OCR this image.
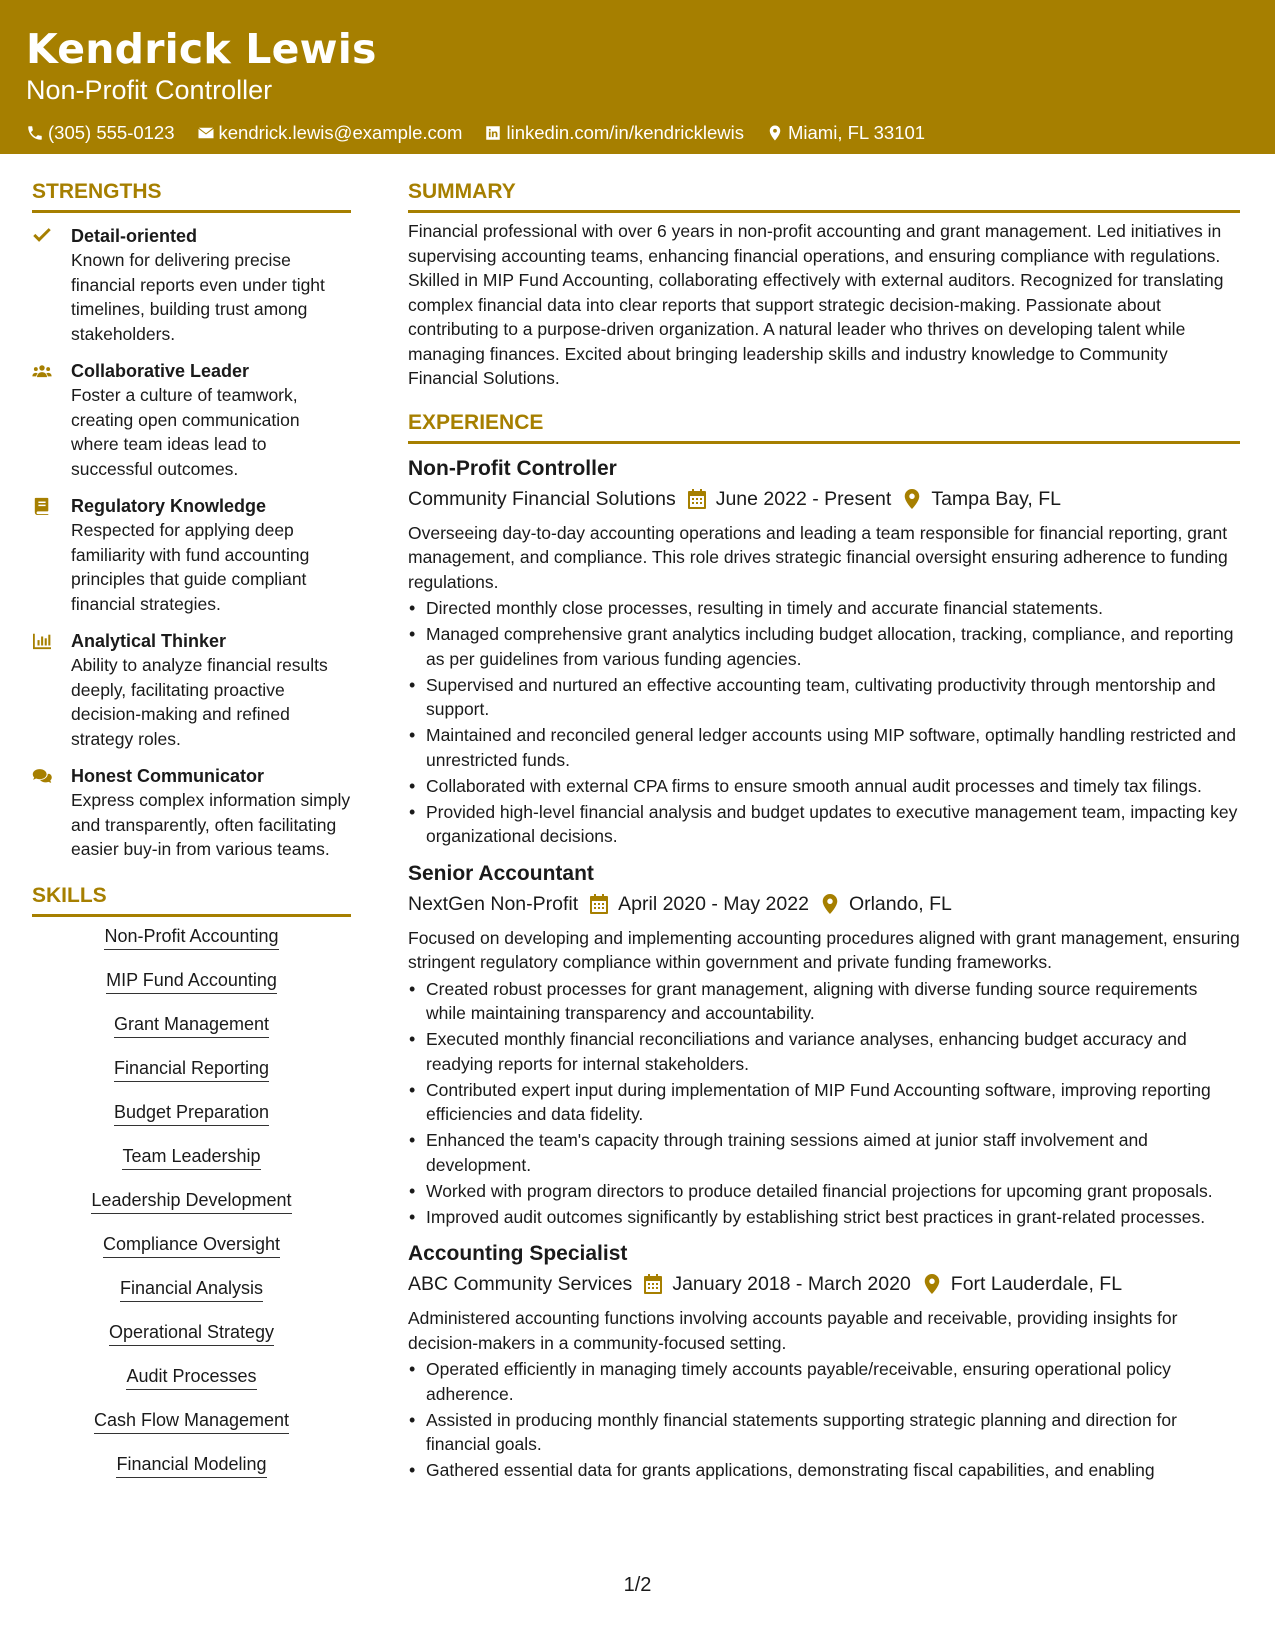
Kendrick Lewis
Non-Profit Controller
(305) 555-0123 kendrick.lewis@example.com linkedin.com/in/kendricklewis Miami, FL 33101
STRENGTHS
Detail-oriented
Known for delivering precise financial reports even under tight timelines, building trust among stakeholders.
Collaborative Leader
Foster a culture of teamwork, creating open communication where team ideas lead to successful outcomes.
Regulatory Knowledge
Respected for applying deep familiarity with fund accounting principles that guide compliant financial strategies.
Analytical Thinker
Ability to analyze financial results deeply, facilitating proactive decision-making and refined strategy roles.
Honest Communicator
Express complex information simply and transparently, often facilitating easier buy-in from various teams.
SKILLS
Non-Profit Accounting
MIP Fund Accounting
Grant Management
Financial Reporting
Budget Preparation
Team Leadership
Leadership Development
Compliance Oversight
Financial Analysis
Operational Strategy
Audit Processes
Cash Flow Management
Financial Modeling
SUMMARY
Financial professional with over 6 years in non-profit accounting and grant management. Led initiatives in supervising accounting teams, enhancing financial operations, and ensuring compliance with regulations. Skilled in MIP Fund Accounting, collaborating effectively with external auditors. Recognized for translating complex financial data into clear reports that support strategic decision-making. Passionate about contributing to a purpose-driven organization. A natural leader who thrives on developing talent while managing finances. Excited about bringing leadership skills and industry knowledge to Community Financial Solutions.
EXPERIENCE
Non-Profit Controller
Community Financial Solutions June 2022 - Present Tampa Bay, FL
Overseeing day-to-day accounting operations and leading a team responsible for financial reporting, grant management, and compliance. This role drives strategic financial oversight ensuring adherence to funding regulations.
• Directed monthly close processes, resulting in timely and accurate financial statements.
• Managed comprehensive grant analytics including budget allocation, tracking, compliance, and reporting as per guidelines from various funding agencies.
• Supervised and nurtured an effective accounting team, cultivating productivity through mentorship and support.
• Maintained and reconciled general ledger accounts using MIP software, optimally handling restricted and unrestricted funds.
• Collaborated with external CPA firms to ensure smooth annual audit processes and timely tax filings.
• Provided high-level financial analysis and budget updates to executive management team, impacting key organizational decisions.
Senior Accountant
NextGen Non-Profit April 2020 - May 2022 Orlando, FL
Focused on developing and implementing accounting procedures aligned with grant management, ensuring stringent regulatory compliance within government and private funding frameworks.
• Created robust processes for grant management, aligning with diverse funding source requirements while maintaining transparency and accountability.
• Executed monthly financial reconciliations and variance analyses, enhancing budget accuracy and readying reports for internal stakeholders.
• Contributed expert input during implementation of MIP Fund Accounting software, improving reporting efficiencies and data fidelity.
• Enhanced the team's capacity through training sessions aimed at junior staff involvement and development.
• Worked with program directors to produce detailed financial projections for upcoming grant proposals.
• Improved audit outcomes significantly by establishing strict best practices in grant-related processes.
Accounting Specialist
ABC Community Services January 2018 - March 2020 Fort Lauderdale, FL
Administered accounting functions involving accounts payable and receivable, providing insights for decision-makers in a community-focused setting.
• Operated efficiently in managing timely accounts payable/receivable, ensuring operational policy adherence.
• Assisted in producing monthly financial statements supporting strategic planning and direction for financial goals.
• Gathered essential data for grants applications, demonstrating fiscal capabilities, and enabling
1/2
